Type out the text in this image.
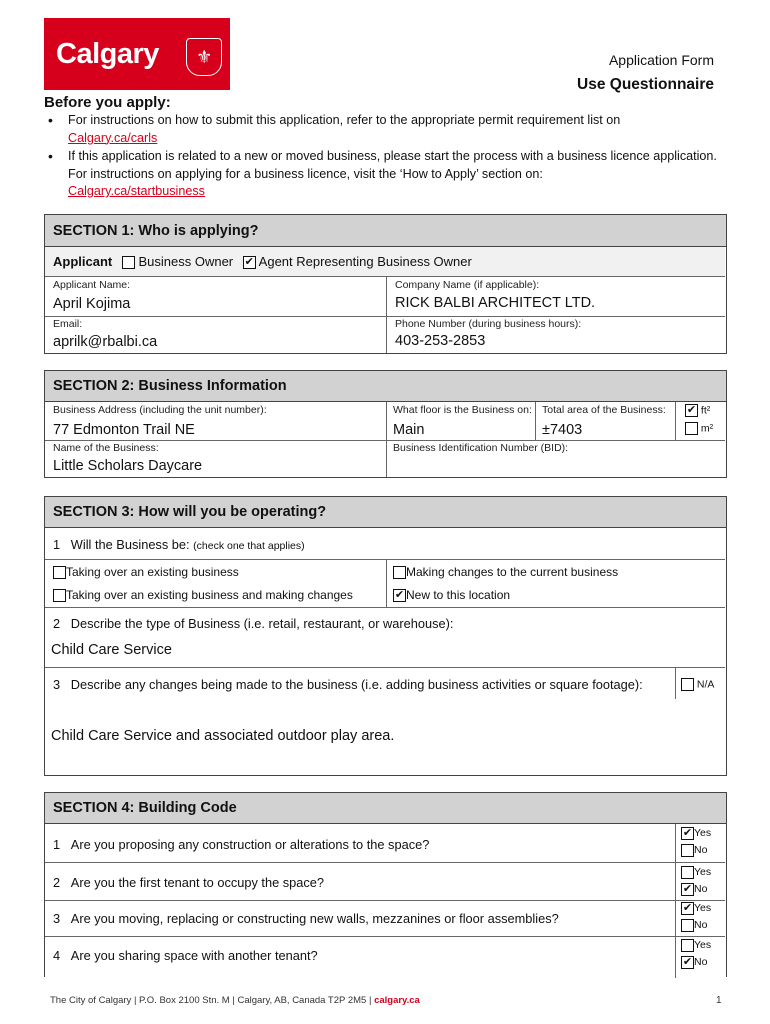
Calgary	⚜	Application Form
Use Questionnaire
Before you apply:
• For instructions on how to submit this application, refer to the appropriate permit requirement list on
Calgary.ca/carls
• If this application is related to a new or moved business, please start the process with a business licence application. For instructions on applying for a business licence, visit the ‘How to Apply’ section on:
Calgary.ca/startbusiness
SECTION 1: Who is applying?
Applicant Business Owner ✔ Agent Representing Business Owner
Applicant Name:
April Kojima
Company Name (if applicable):
RICK BALBI ARCHITECT LTD.
Email:
aprilk@rbalbi.ca
Phone Number (during business hours):
403-253-2853
SECTION 2: Business Information
Business Address (including the unit number):
77 Edmonton Trail NE
What floor is the Business on:
Main
Total area of the Business:
±7403
✔ ft²
m²
Name of the Business:
Little Scholars Daycare
Business Identification Number (BID):
SECTION 3: How will you be operating?
1 Will the Business be: (check one that applies)
Taking over an existing business	Making changes to the current business
Taking over an existing business and making changes	✔ New to this location
2 Describe the type of Business (i.e. retail, restaurant, or warehouse):
Child Care Service
3 Describe any changes being made to the business (i.e. adding business activities or square footage):	N/A
Child Care Service and associated outdoor play area.
SECTION 4: Building Code
1 Are you proposing any construction or alterations to the space?
✔ Yes
No
2 Are you the first tenant to occupy the space?
Yes
✔ No
3 Are you moving, replacing or constructing new walls, mezzanines or floor assemblies?
✔ Yes
No
4 Are you sharing space with another tenant?
Yes
✔ No
The City of Calgary | P.O. Box 2100 Stn. M | Calgary, AB, Canada T2P 2M5 | calgary.ca	1
